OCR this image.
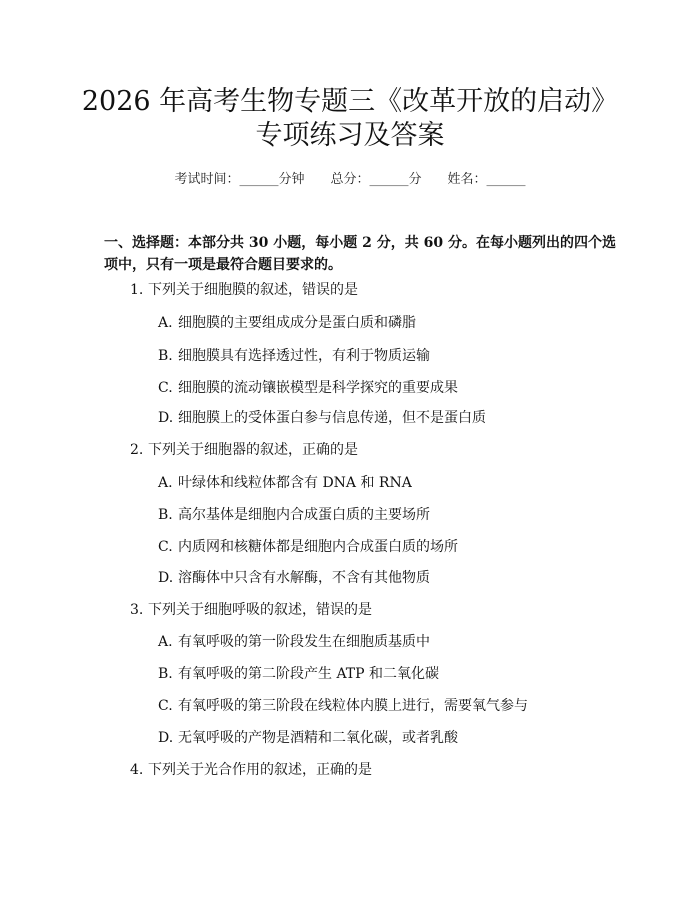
2026 年高考生物专题三《改革开放的启动》
专项练习及答案
考试时间：______分钟 总分：______分 姓名：______
一、选择题：本部分共 30 小题，每小题 2 分，共 60 分。在每小题列出的四个选
项中，只有一项是最符合题目要求的。
1. 下列关于细胞膜的叙述，错误的是
A. 细胞膜的主要组成成分是蛋白质和磷脂
B. 细胞膜具有选择透过性，有利于物质运输
C. 细胞膜的流动镶嵌模型是科学探究的重要成果
D. 细胞膜上的受体蛋白参与信息传递，但不是蛋白质
2. 下列关于细胞器的叙述，正确的是
A. 叶绿体和线粒体都含有 DNA 和 RNA
B. 高尔基体是细胞内合成蛋白质的主要场所
C. 内质网和核糖体都是细胞内合成蛋白质的场所
D. 溶酶体中只含有水解酶，不含有其他物质
3. 下列关于细胞呼吸的叙述，错误的是
A. 有氧呼吸的第一阶段发生在细胞质基质中
B. 有氧呼吸的第二阶段产生 ATP 和二氧化碳
C. 有氧呼吸的第三阶段在线粒体内膜上进行，需要氧气参与
D. 无氧呼吸的产物是酒精和二氧化碳，或者乳酸
4. 下列关于光合作用的叙述，正确的是
